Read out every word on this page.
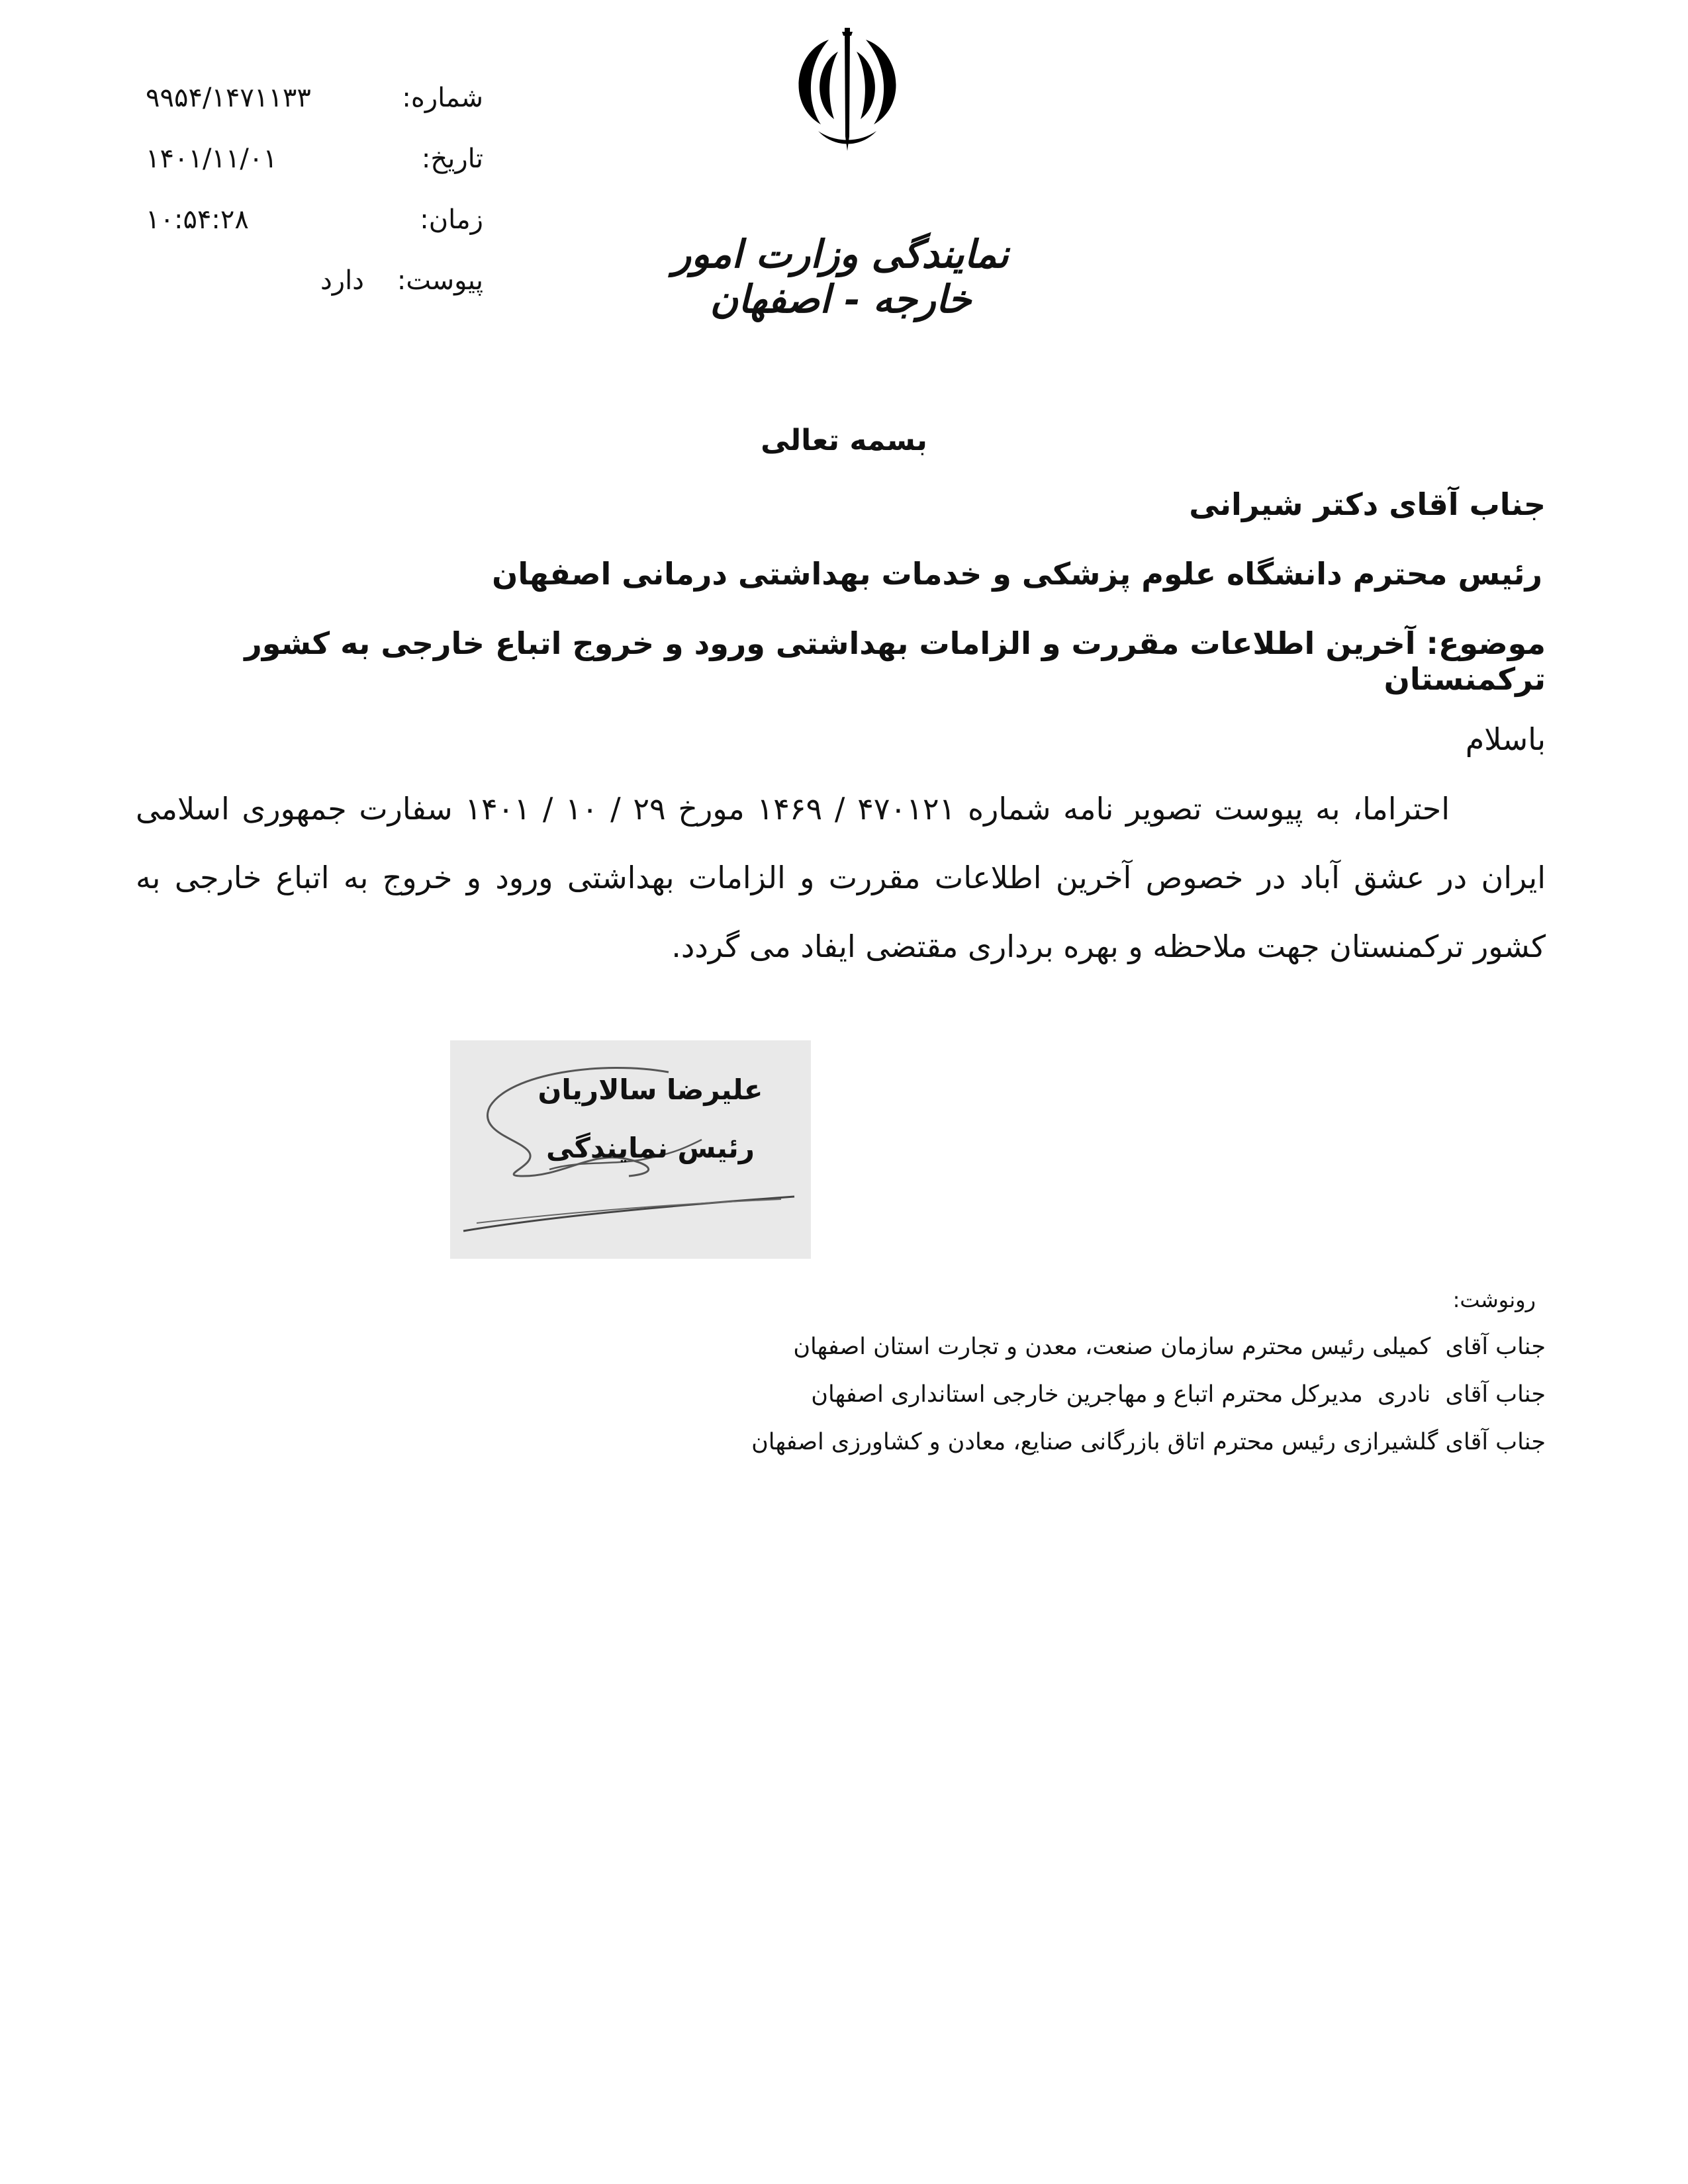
شماره:
۹۹۵۴/۱۴۷۱۱۳۳
تاریخ:
۱۴۰۱/۱۱/۰۱
زمان:
۱۰:۵۴:۲۸
پیوست:
دارد
نمایندگی وزارت امور خارجه - اصفهان
بسمه تعالی
جناب آقای دکتر شیرانی
رئیس محترم دانشگاه علوم پزشکی و خدمات بهداشتی درمانی اصفهان
موضوع: آخرین اطلاعات مقررت و الزامات بهداشتی ورود و خروج اتباع خارجی به کشور ترکمنستان
باسلام
احتراما، به پیوست تصویر نامه شماره ۴۷۰۱۲۱ / ۱۴۶۹ مورخ ۲۹ / ۱۰ / ۱۴۰۱ سفارت جمهوری اسلامی ایران در عشق آباد در خصوص آخرین اطلاعات مقررت و الزامات بهداشتی ورود و خروج به اتباع خارجی به کشور ترکمنستان جهت ملاحظه و بهره برداری مقتضی ایفاد می گردد.
علیرضا سالاریان
رئیس نمایندگی
رونوشت:
جناب آقای  کمیلی رئیس محترم سازمان صنعت، معدن و تجارت استان اصفهان
جناب آقای  نادری  مدیرکل محترم اتباع و مهاجرین خارجی استانداری اصفهان
جناب آقای گلشیرازی رئیس محترم اتاق بازرگانی صنایع، معادن و کشاورزی اصفهان
